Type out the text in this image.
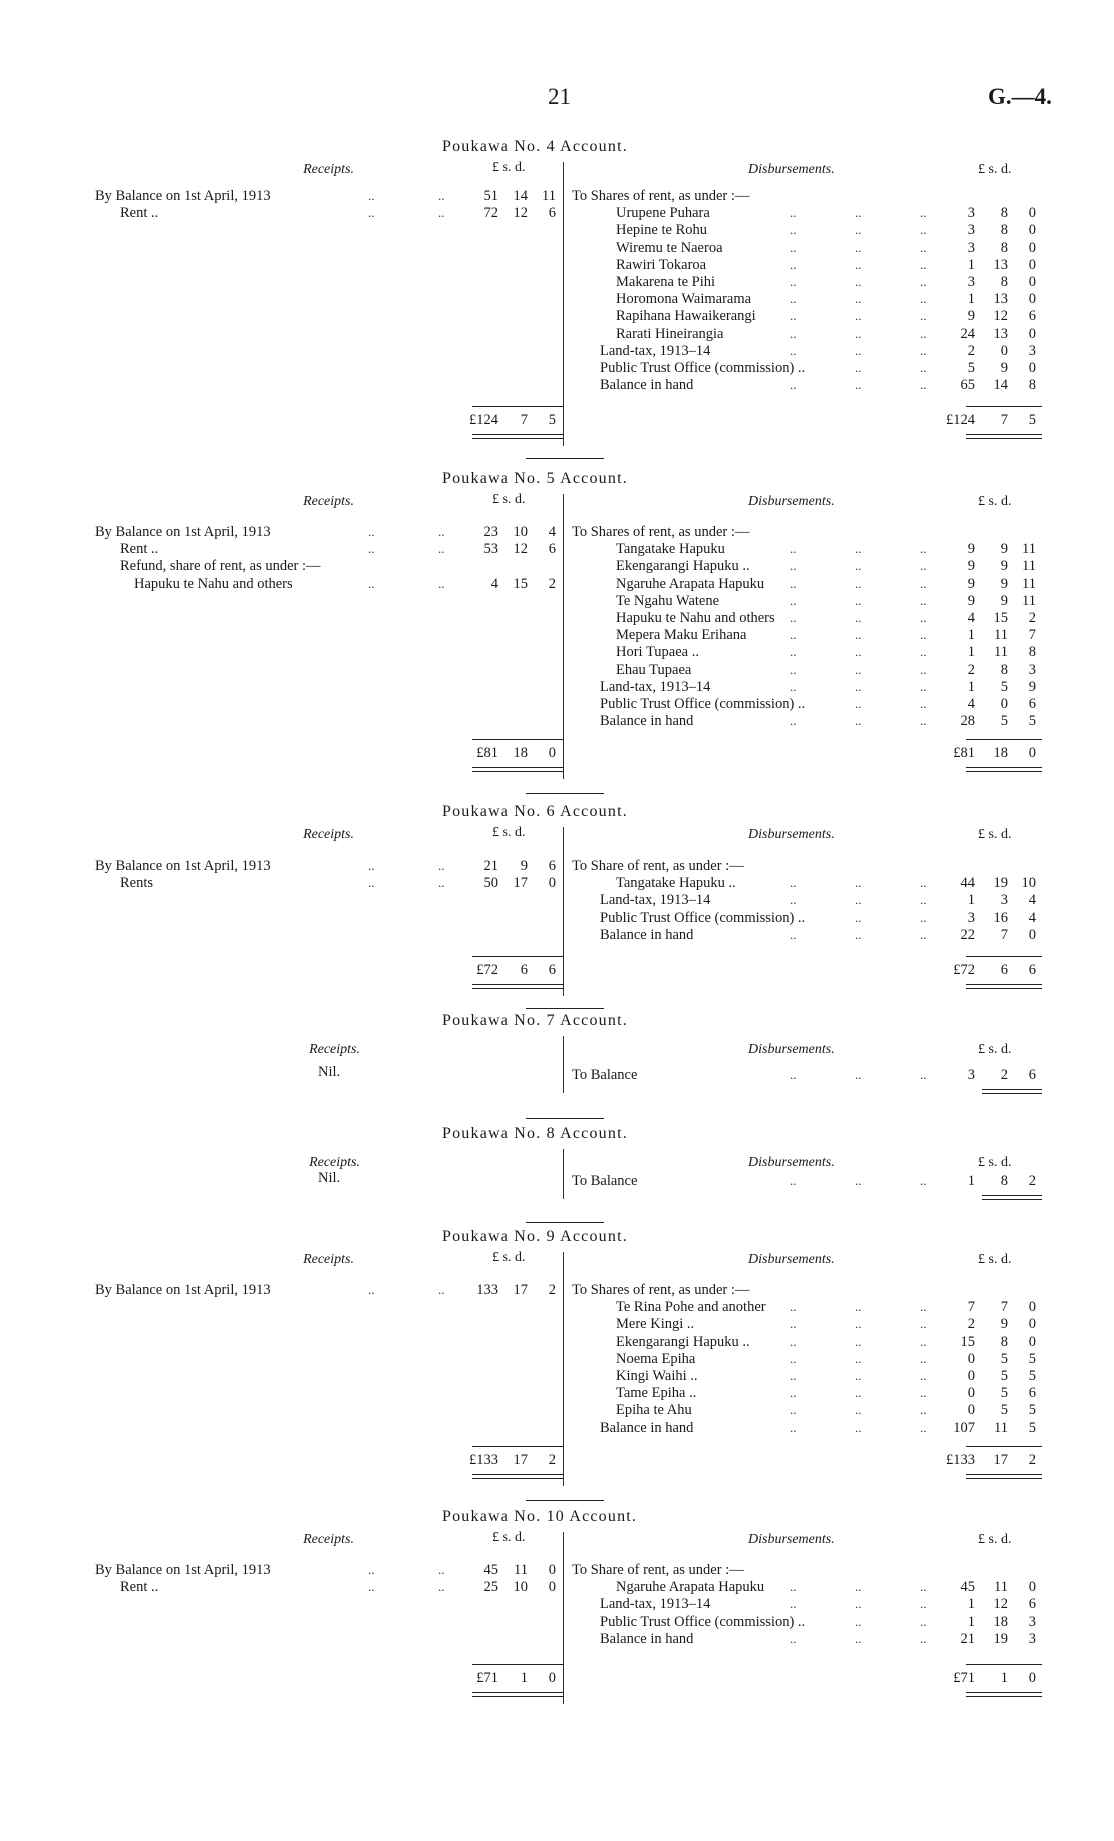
21	G.—4.
Poukawa No. 4 Account.
Receipts.	Disbursements.
£ s. d.	£ s. d.
By Balance on 1st April, 1913	..	..	51	14 11
Rent ..	..	..	72	12	6
To Shares of rent, as under :—
Urupene Puhara	..	..	..	3	8	0
Hepine te Rohu	..	..	..	3	8	0
Wiremu te Naeroa	..	..	..	3	8	0
Rawiri Tokaroa	..	..	..	1	13	0
Makarena te Pihi	..	..	..	3	8	0
Horomona Waimarama	..	..	..	1	13	0
Rapihana Hawaikerangi	..	..	..	9	12	6
Rarati Hineirangia	..	..	..	24	13	0
Land-tax, 1913–14	..	..	..	2	0	3
Public Trust Office (commission) ..	..	..	5	9	0
Balance in hand	..	..	..	65	14	8
£124	7	5	£124	7	5
Poukawa No. 5 Account.
Receipts.	Disbursements.
£ s. d.	£ s. d.
By Balance on 1st April, 1913	..	..	23	10	4
Rent ..	..	..	53	12	6
Refund, share of rent, as under :—
Hapuku te Nahu and others	..	..	4	15	2
To Shares of rent, as under :—
Tangatake Hapuku	..	..	..	9	9 11
Ekengarangi Hapuku ..	..	..	..	9	9 11
Ngaruhe Arapata Hapuku ..	..	..	9	9 11
Te Ngahu Watene	..	..	..	9	9 11
Hapuku te Nahu and others ..	..	..	4	15	2
Mepera Maku Erihana	..	..	..	1	11	7
Hori Tupaea ..	..	..	..	1	11	8
Ehau Tupaea	..	..	..	2	8	3
Land-tax, 1913–14	..	..	..	1	5	9
Public Trust Office (commission) ..	..	..	4	0	6
Balance in hand	..	..	..	28	5	5
£81	18	0	£81	18	0
Poukawa No. 6 Account.
Receipts.	Disbursements.
£ s. d.	£ s. d.
By Balance on 1st April, 1913	..	..	21	9	6
Rents	..	..	50	17	0
To Share of rent, as under :—
Tangatake Hapuku ..	..	..	..	44	19 10
Land-tax, 1913–14	..	..	..	1	3	4
Public Trust Office (commission) ..	..	..	3	16	4
Balance in hand	..	..	..	22	7	0
£72	6	6	£72	6	6
Poukawa No. 7 Account.
Receipts.	Disbursements.	£ s. d.
Nil.	To Balance	..	..	..	3	2	6
Poukawa No. 8 Account.
Receipts.	Disbursements.	£ s. d.
Nil.	To Balance	..	..	..	1	8	2
Poukawa No. 9 Account.
Receipts.	Disbursements.
£ s. d.	£ s. d.
By Balance on 1st April, 1913	..	..	133	17	2 To Shares of rent, as under :—
Te Rina Pohe and another ..	..	..	7	7	0
Mere Kingi ..	..	..	..	2	9	0
Ekengarangi Hapuku ..	..	..	..	15	8	0
Noema Epiha	..	..	..	0	5	5
Kingi Waihi ..	..	..	..	0	5	5
Tame Epiha ..	..	..	..	0	5	6
Epiha te Ahu	..	..	..	0	5	5
Balance in hand	..	..	..	107	11	5
£133	17	2	£133	17	2
Poukawa No. 10 Account.
Receipts.	Disbursements.
£ s. d.	£ s. d.
By Balance on 1st April, 1913	..	..	45	11	0
Rent ..	..	..	25	10	0
To Share of rent, as under :—
Ngaruhe Arapata Hapuku ..	..	..	45	11	0
Land-tax, 1913–14	..	..	..	1	12	6
Public Trust Office (commission) ..	..	..	1	18	3
Balance in hand	..	..	..	21	19	3
£71	1	0	£71	1	0
